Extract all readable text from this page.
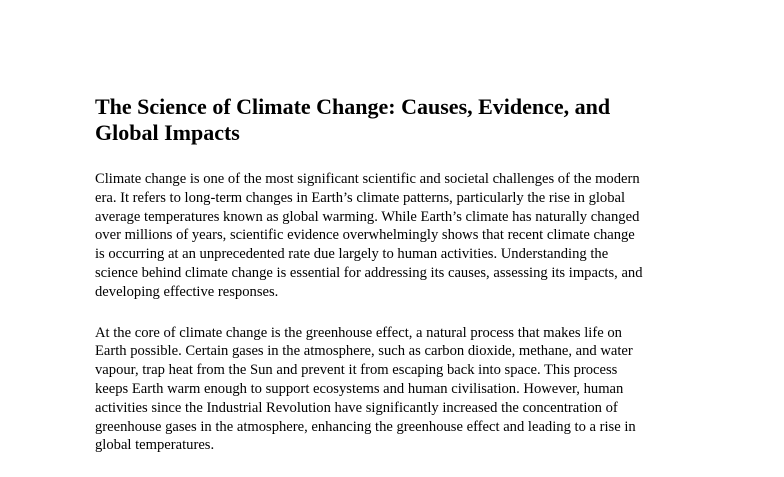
The Science of Climate Change: Causes, Evidence, and
Global Impacts

Climate change is one of the most significant scientific and societal challenges of the modern
era. It refers to long-term changes in Earth’s climate patterns, particularly the rise in global
average temperatures known as global warming. While Earth’s climate has naturally changed
over millions of years, scientific evidence overwhelmingly shows that recent climate change
is occurring at an unprecedented rate due largely to human activities. Understanding the
science behind climate change is essential for addressing its causes, assessing its impacts, and
developing effective responses.

At the core of climate change is the greenhouse effect, a natural process that makes life on
Earth possible. Certain gases in the atmosphere, such as carbon dioxide, methane, and water
vapour, trap heat from the Sun and prevent it from escaping back into space. This process
keeps Earth warm enough to support ecosystems and human civilisation. However, human
activities since the Industrial Revolution have significantly increased the concentration of
greenhouse gases in the atmosphere, enhancing the greenhouse effect and leading to a rise in
global temperatures.
